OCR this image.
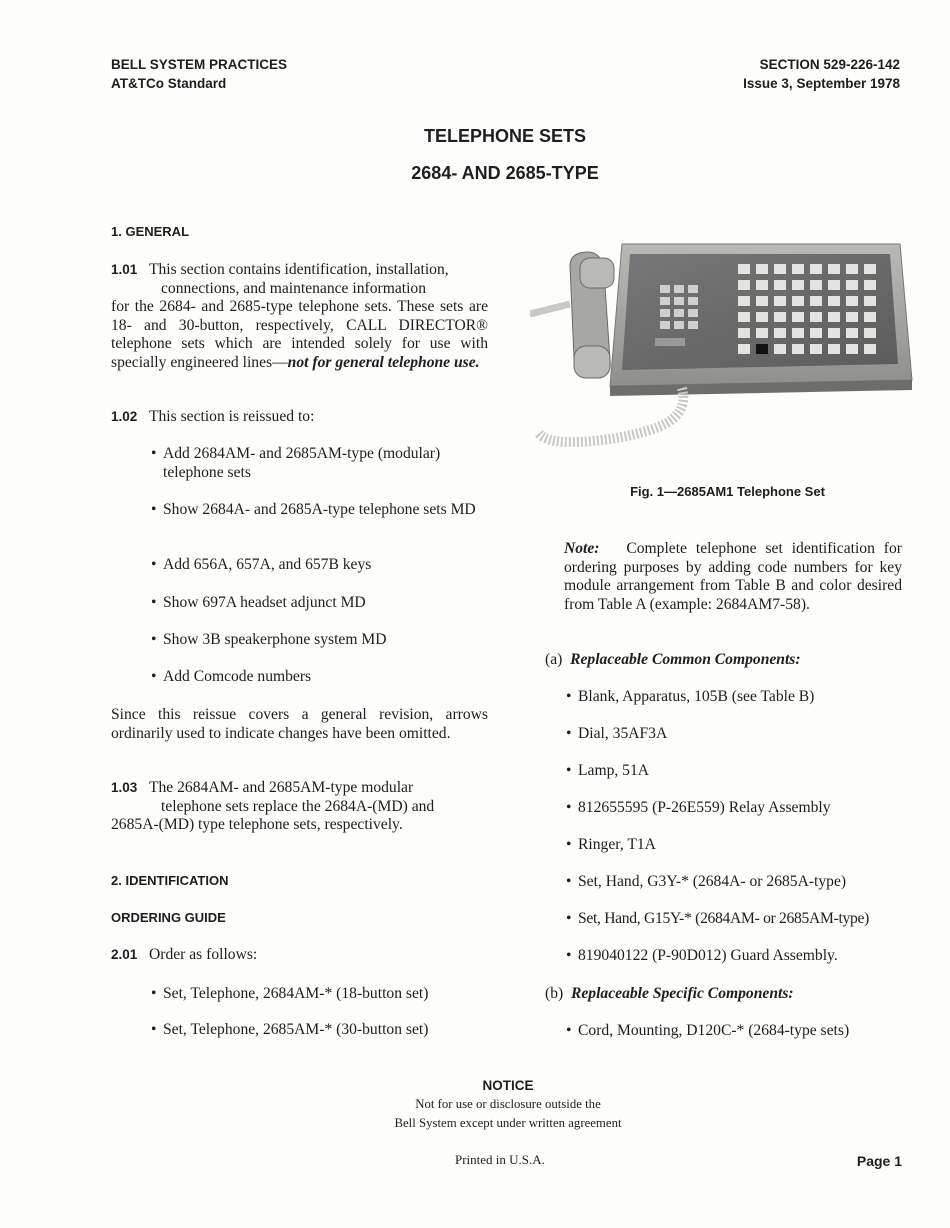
BELL SYSTEM PRACTICES
AT&TCo Standard
SECTION 529-226-142
Issue 3, September 1978
TELEPHONE SETS
2684- AND 2685-TYPE
1. GENERAL

1.01 This section contains identification, installation,

connections, and maintenance information

for the 2684- and 2685-type telephone sets. These sets are 18- and 30-button, respectively, CALL DIRECTOR® telephone sets which are intended solely for use with specially engineered lines—not for general telephone use.

1.02 This section is reissued to:
• Add 2684AM- and 2685AM-type (modular) telephone sets
• Show 2684A- and 2685A-type telephone sets MD
• Add 656A, 657A, and 657B keys
• Show 697A headset adjunct MD
• Show 3B speakerphone system MD
• Add Comcode numbers

Since this reissue covers a general revision, arrows ordinarily used to indicate changes have been omitted.

1.03 The 2684AM- and 2685AM-type modular

telephone sets replace the 2684A-(MD) and

2685A-(MD) type telephone sets, respectively.

2. IDENTIFICATION
ORDERING GUIDE
2.01 Order as follows:
• Set, Telephone, 2684AM-* (18-button set)
• Set, Telephone, 2685AM-* (30-button set)
Fig. 1—2685AM1 Telephone Set

Note: Complete telephone set identification for ordering purposes by adding code numbers for key module arrangement from Table B and color desired from Table A (example: 2684AM7-58).

(a) Replaceable Common Components:
• Blank, Apparatus, 105B (see Table B)
• Dial, 35AF3A
• Lamp, 51A
• 812655595 (P-26E559) Relay Assembly
• Ringer, T1A
• Set, Hand, G3Y-* (2684A- or 2685A-type)
• Set, Hand, G15Y-* (2684AM- or 2685AM-type)
• 819040122 (P-90D012) Guard Assembly.
(b) Replaceable Specific Components:
• Cord, Mounting, D120C-* (2684-type sets)
NOTICE
Not for use or disclosure outside the
Bell System except under written agreement
Printed in U.S.A.	Page 1
